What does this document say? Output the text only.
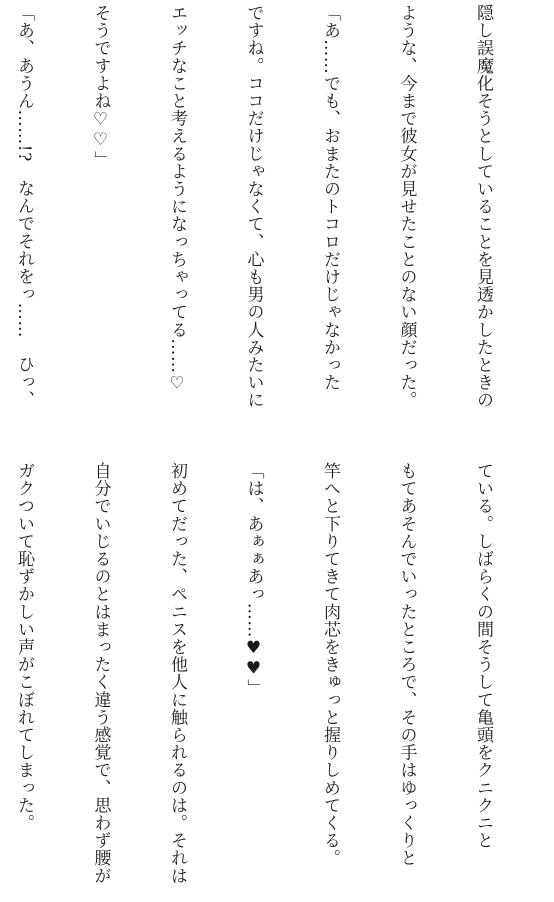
隠し誤魔化そうとしていることを見透かしたときの

ような、今まで彼女が見せたことのない顔だった。

「あ……でも、おまたのトコロだけじゃなかった

ですね。ココだけじゃなくて、心も男の人みたいに

エッチなこと考えるようになっちゃってる……♡

そうですよね♡♡」

「あ、あうん……!?　なんでそれをっ……　ひっ、

ている。しばらくの間そうして亀頭をクニクニと

もてあそんでいったところで、その手はゆっくりと

竿へと下りてきて肉芯をきゅっと握りしめてくる。

「は、あぁぁあっ……♥♥」

初めてだった、ペニスを他人に触られるのは。それは

自分でいじるのとはまったく違う感覚で、思わず腰が

ガクついて恥ずかしい声がこぼれてしまった。
